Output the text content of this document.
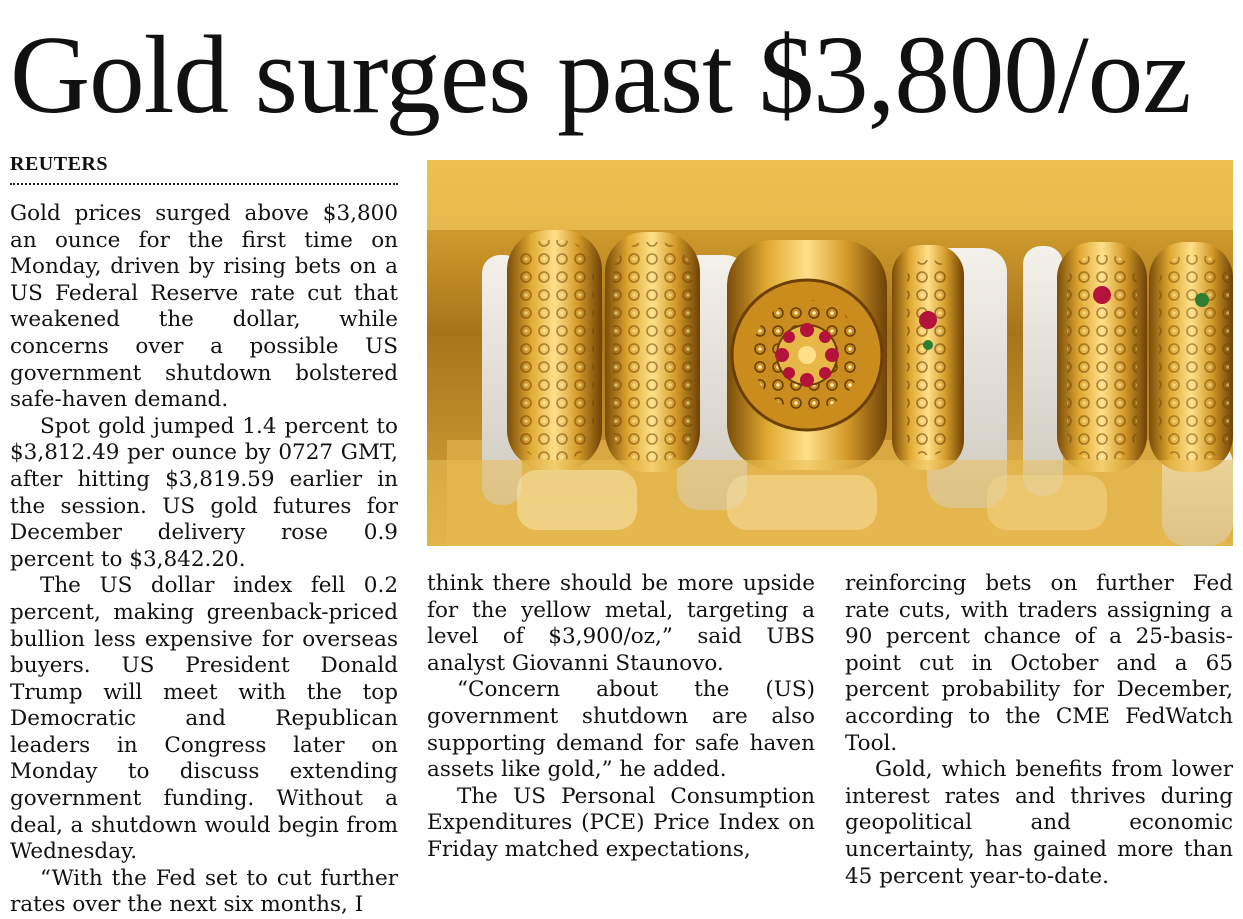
Gold surges past $3,800/oz
REUTERS

Gold prices surged above $3,800 an ounce for the first time on Monday, driven by rising bets on a US Federal Reserve rate cut that weakened the dollar, while concerns over a possible US government shutdown bolstered safe-haven demand.

Spot gold jumped 1.4 percent to $3,812.49 per ounce by 0727 GMT, after hitting $3,819.59 earlier in the session. US gold futures for December delivery rose 0.9 percent to $3,842.20.

The US dollar index fell 0.2 percent, making greenback-priced bullion less expensive for overseas buyers. US President Donald Trump will meet with the top Democratic and Republican leaders in Congress later on Monday to discuss extending government funding. Without a deal, a shutdown would begin from Wednesday.

“With the Fed set to cut further rates over the next six months, I

think there should be more upside for the yellow metal, targeting a level of $3,900/oz,” said UBS analyst Giovanni Staunovo.

“Concern about the (US) government shutdown are also supporting demand for safe haven assets like gold,” he added.

The US Personal Consumption Expenditures (PCE) Price Index on Friday matched expectations,

reinforcing bets on further Fed rate cuts, with traders assigning a 90 percent chance of a 25-basis-point cut in October and a 65 percent probability for December, according to the CME FedWatch Tool.

Gold, which benefits from lower interest rates and thrives during geopolitical and economic uncertainty, has gained more than 45 percent year-to-date.
